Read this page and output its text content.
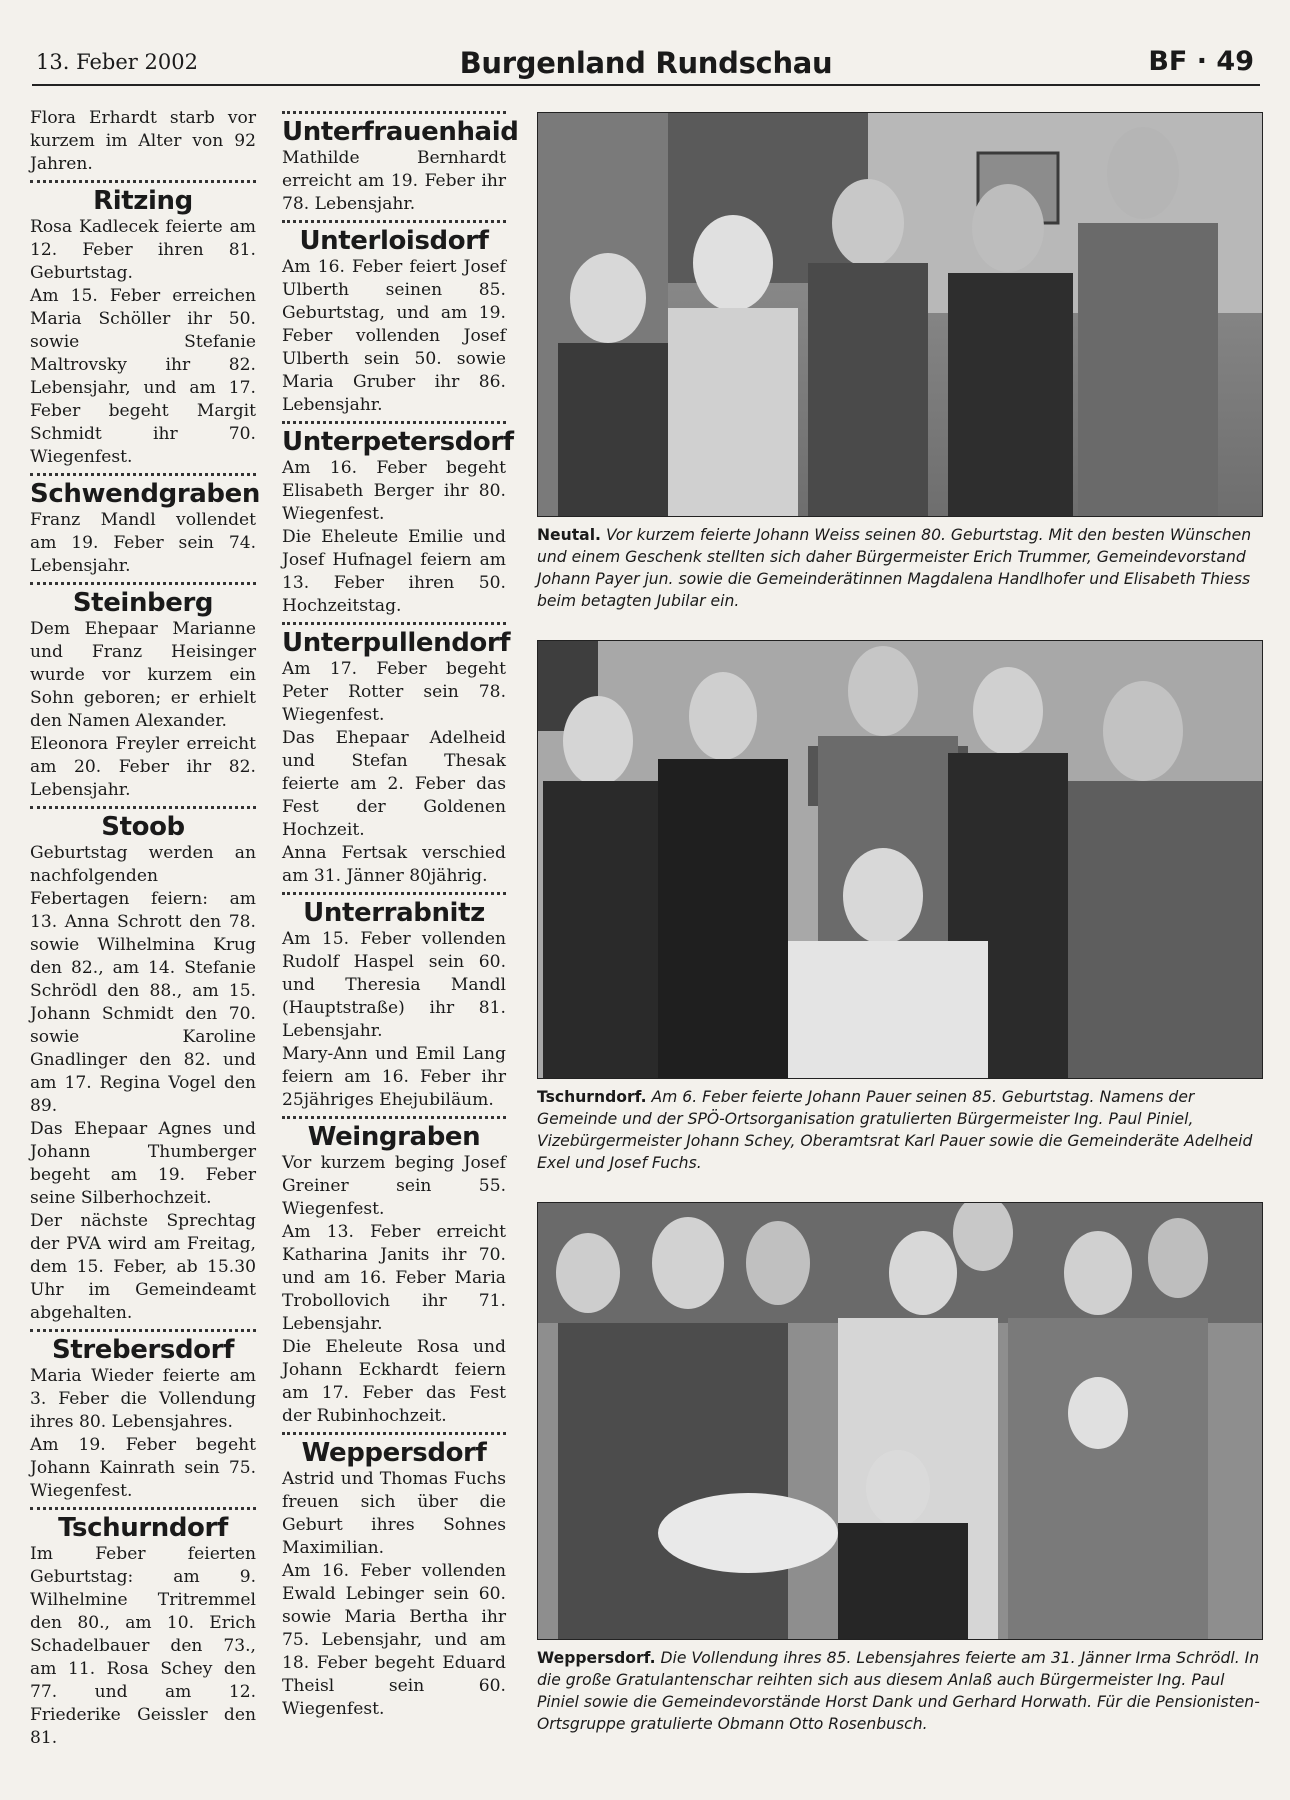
13. Feber 2002	Burgenland Rundschau	BF · 49

Flora Erhardt starb vor kurzem im Alter von 92 Jahren.

Ritzing

Rosa Kadlecek feierte am 12. Feber ihren 81. Geburtstag.

Am 15. Feber erreichen Maria Schöller ihr 50. sowie Stefanie Maltrovsky ihr 82. Lebensjahr, und am 17. Feber begeht Margit Schmidt ihr 70. Wiegenfest.

Schwendgraben

Franz Mandl vollendet am 19. Feber sein 74. Lebensjahr.

Steinberg

Dem Ehepaar Marianne und Franz Heisinger wurde vor kurzem ein Sohn geboren; er erhielt den Namen Alexander.

Eleonora Freyler erreicht am 20. Feber ihr 82. Lebensjahr.

Stoob

Geburtstag werden an nachfolgenden Febertagen feiern: am 13. Anna Schrott den 78. sowie Wilhelmina Krug den 82., am 14. Stefanie Schrödl den 88., am 15. Johann Schmidt den 70. sowie Karoline Gnadlinger den 82. und am 17. Regina Vogel den 89.

Das Ehepaar Agnes und Johann Thumberger begeht am 19. Feber seine Silberhochzeit.

Der nächste Sprechtag der PVA wird am Freitag, dem 15. Feber, ab 15.30 Uhr im Gemeindeamt abgehalten.

Strebersdorf

Maria Wieder feierte am 3. Feber die Vollendung ihres 80. Lebensjahres.

Am 19. Feber begeht Johann Kainrath sein 75. Wiegenfest.

Tschurndorf

Im Feber feierten Geburtstag: am 9. Wilhelmine Tritremmel den 80., am 10. Erich Schadelbauer den 73., am 11. Rosa Schey den 77. und am 12. Friederike Geissler den 81.

Unterfrauenhaid

Mathilde Bernhardt erreicht am 19. Feber ihr 78. Lebensjahr.

Unterloisdorf

Am 16. Feber feiert Josef Ulberth seinen 85. Geburtstag, und am 19. Feber vollenden Josef Ulberth sein 50. sowie Maria Gruber ihr 86. Lebensjahr.

Unterpetersdorf

Am 16. Feber begeht Elisabeth Berger ihr 80. Wiegenfest.

Die Eheleute Emilie und Josef Hufnagel feiern am 13. Feber ihren 50. Hochzeitstag.

Unterpullendorf

Am 17. Feber begeht Peter Rotter sein 78. Wiegenfest.

Das Ehepaar Adelheid und Stefan Thesak feierte am 2. Feber das Fest der Goldenen Hochzeit.

Anna Fertsak verschied am 31. Jänner 80jährig.

Unterrabnitz

Am 15. Feber vollenden Rudolf Haspel sein 60. und Theresia Mandl (Hauptstraße) ihr 81. Lebensjahr.

Mary-Ann und Emil Lang feiern am 16. Feber ihr 25jähriges Ehejubiläum.

Weingraben

Vor kurzem beging Josef Greiner sein 55. Wiegenfest.

Am 13. Feber erreicht Katharina Janits ihr 70. und am 16. Feber Maria Trobollovich ihr 71. Lebensjahr.

Die Eheleute Rosa und Johann Eckhardt feiern am 17. Feber das Fest der Rubinhochzeit.

Weppersdorf

Astrid und Thomas Fuchs freuen sich über die Geburt ihres Sohnes Maximilian.

Am 16. Feber vollenden Ewald Lebinger sein 60. sowie Maria Bertha ihr 75. Lebensjahr, und am 18. Feber begeht Eduard Theisl sein 60. Wiegenfest.

Neutal. Vor kurzem feierte Johann Weiss seinen 80. Geburtstag. Mit den besten Wünschen und einem Geschenk stellten sich daher Bürgermeister Erich Trummer, Gemeindevorstand Johann Payer jun. sowie die Gemeinderätinnen Magdalena Handlhofer und Elisabeth Thiess beim betagten Jubilar ein.

Tschurndorf. Am 6. Feber feierte Johann Pauer seinen 85. Geburtstag. Namens der Gemeinde und der SPÖ-Ortsorganisation gratulierten Bürgermeister Ing. Paul Piniel, Vizebürgermeister Johann Schey, Oberamtsrat Karl Pauer sowie die Gemeinderäte Adelheid Exel und Josef Fuchs.

Weppersdorf. Die Vollendung ihres 85. Lebensjahres feierte am 31. Jänner Irma Schrödl. In die große Gratulantenschar reihten sich aus diesem Anlaß auch Bürgermeister Ing. Paul Piniel sowie die Gemeindevorstände Horst Dank und Gerhard Horwath. Für die Pensionisten-Ortsgruppe gratulierte Obmann Otto Rosenbusch.
